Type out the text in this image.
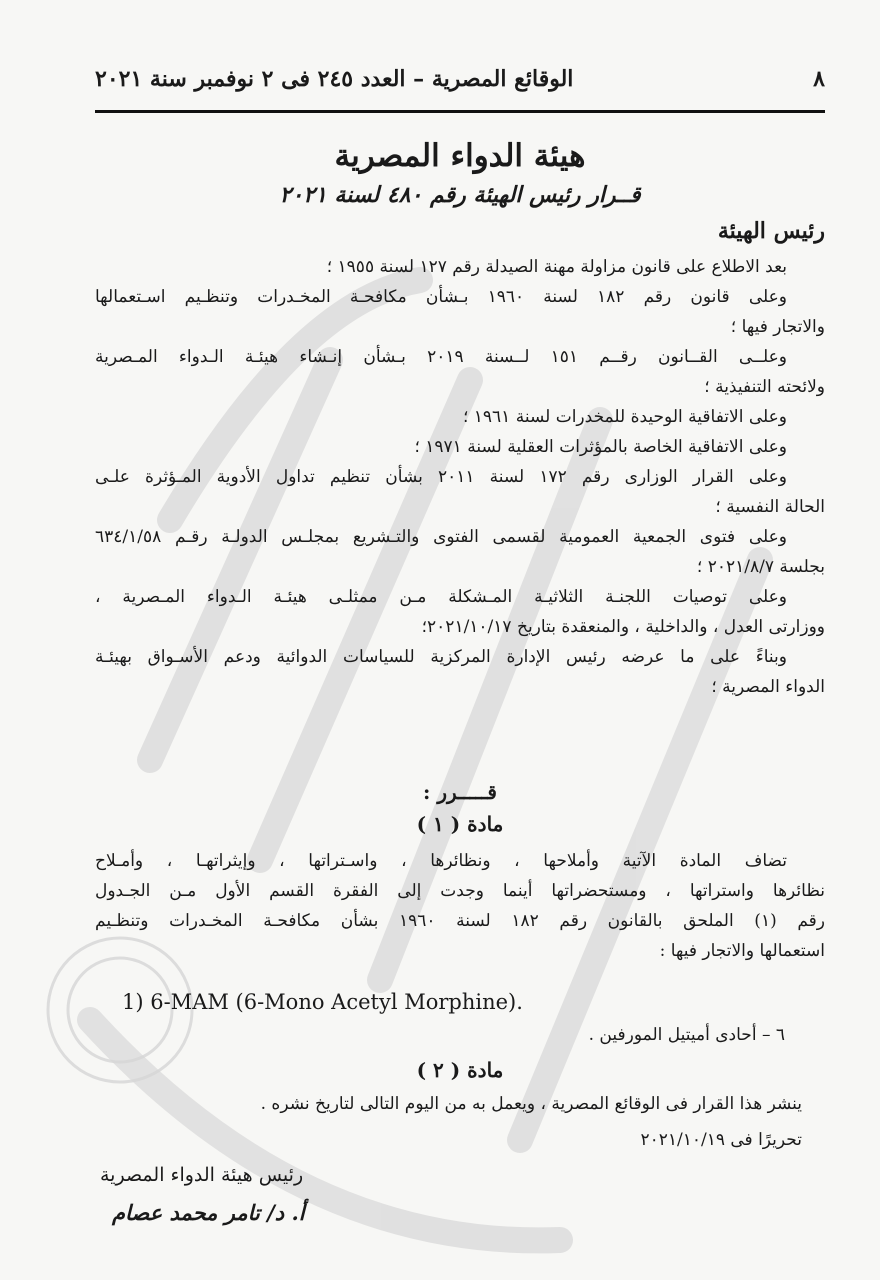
٨
الوقائع المصرية – العدد ٢٤٥ فى ٢ نوفمبر سنة ٢٠٢١
هيئة الدواء المصرية
قــرار رئيس الهيئة رقم ٤٨٠ لسنة ٢٠٢١
رئيس الهيئة
بعد الاطلاع على قانون مزاولة مهنة الصيدلة رقم ١٢٧ لسنة ١٩٥٥ ؛
وعلى قانون رقم ١٨٢ لسنة ١٩٦٠ بـشأن مكافحـة المخـدرات وتنظـيم اسـتعمالها
والاتجار فيها ؛
وعلــى القــانون رقــم ١٥١ لــسنة ٢٠١٩ بـشأن إنـشاء هيئـة الـدواء المـصرية
ولائحته التنفيذية ؛
وعلى الاتفاقية الوحيدة للمخدرات لسنة ١٩٦١ ؛
وعلى الاتفاقية الخاصة بالمؤثرات العقلية لسنة ١٩٧١ ؛
وعلى القرار الوزارى رقم ١٧٢ لسنة ٢٠١١ بشأن تنظيم تداول الأدوية المـؤثرة علـى
الحالة النفسية ؛
وعلى فتوى الجمعية العمومية لقسمى الفتوى والتـشريع بمجلـس الدولـة رقـم ٦٣٤/١/٥٨
بجلسة ٢٠٢١/٨/٧ ؛
وعلى توصيات اللجنـة الثلاثيـة المـشكلة مـن ممثلـى هيئـة الـدواء المـصرية ،
ووزارتى العدل ، والداخلية ، والمنعقدة بتاريخ ٢٠٢١/١٠/١٧؛
وبناءً على ما عرضه رئيس الإدارة المركزية للسياسات الدوائية ودعم الأسـواق بهيئـة
الدواء المصرية ؛
قـــــرر :
مادة ( ١ )
تضاف المادة الآتية وأملاحها ، ونظائرها ، واسـتراتها ، وإيثراتهـا ، وأمـلاح
نظائرها واستراتها ، ومستحضراتها أينما وجدت إلى الفقرة القسم الأول مـن الجـدول
رقم (١) الملحق بالقانون رقم ١٨٢ لسنة ١٩٦٠ بشأن مكافحـة المخـدرات وتنظـيم
استعمالها والاتجار فيها :
1) 6-MAM (6-Mono Acetyl Morphine).
٦ – أحادى أميتيل المورفين .
مادة ( ٢ )
ينشر هذا القرار فى الوقائع المصرية ، ويعمل به من اليوم التالى لتاريخ نشره .
تحريرًا فى ٢٠٢١/١٠/١٩
رئيس هيئة الدواء المصرية
أ. د/ تامر محمد عصام
